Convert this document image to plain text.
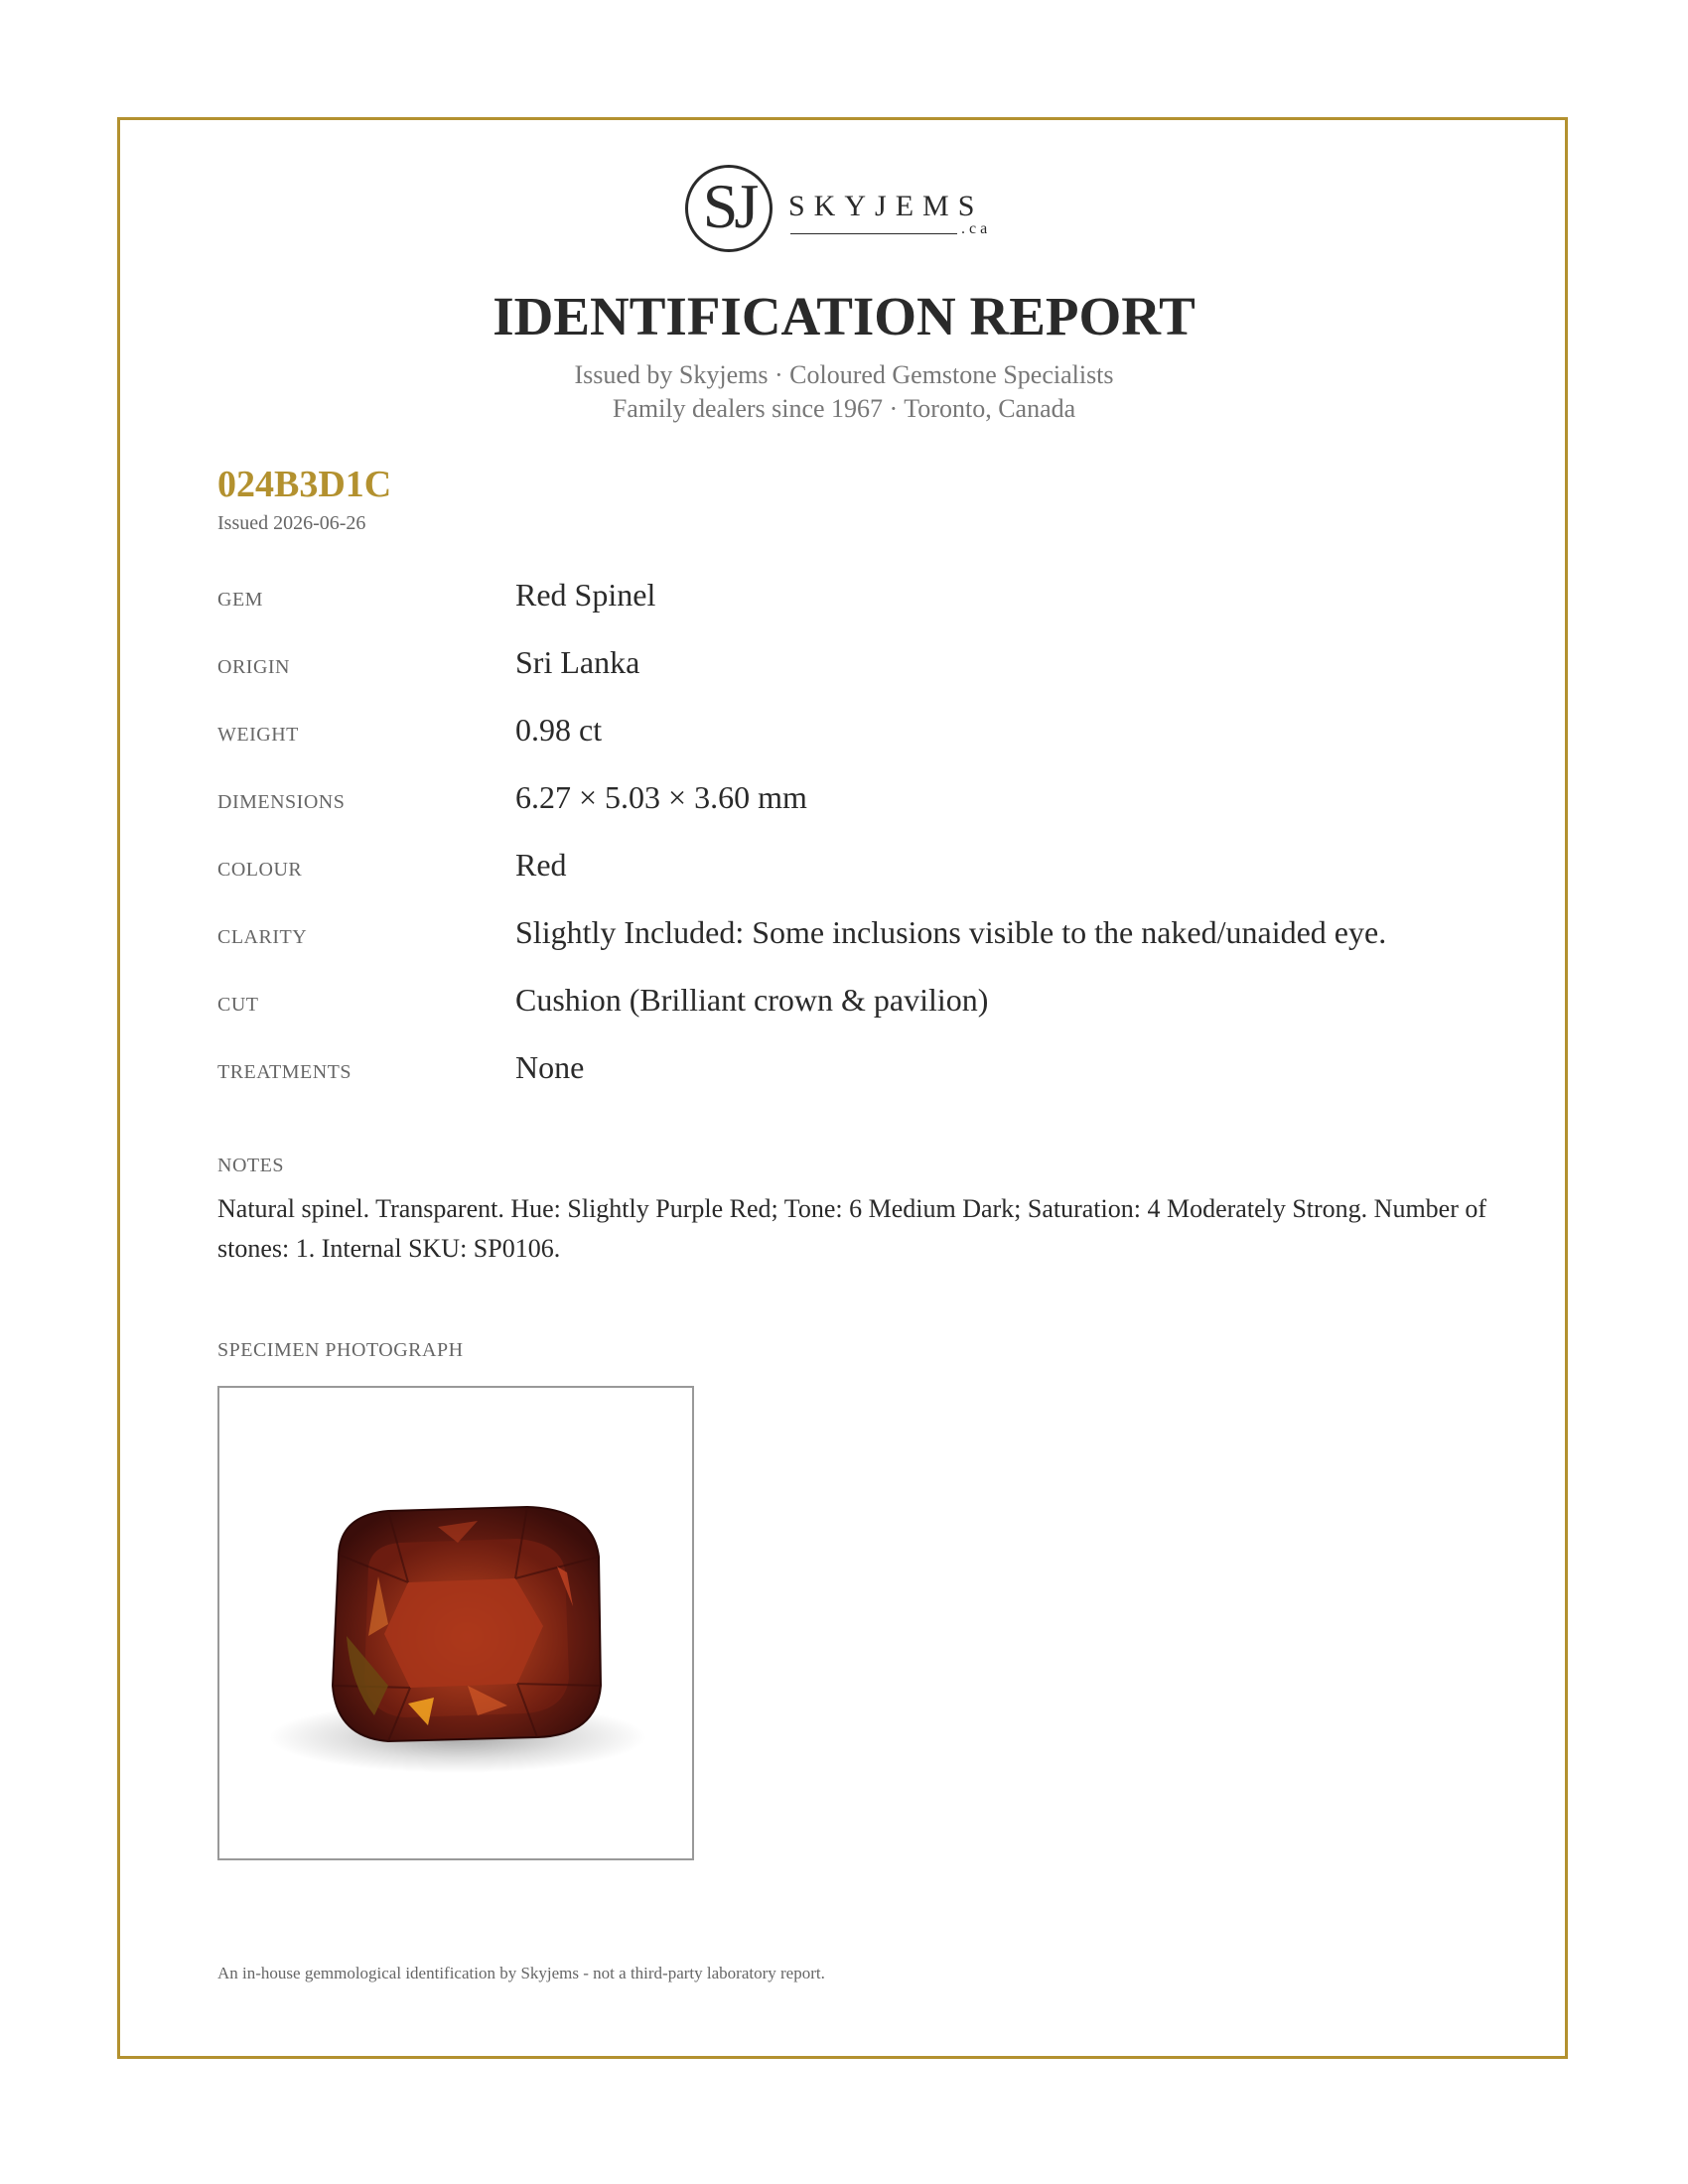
SJ	SKYJEMS
.ca
IDENTIFICATION REPORT
Issued by Skyjems · Coloured Gemstone Specialists
Family dealers since 1967 · Toronto, Canada
024B3D1C
Issued 2026-06-26
GEM	Red Spinel
ORIGIN	Sri Lanka
WEIGHT	0.98 ct
DIMENSIONS	6.27 × 5.03 × 3.60 mm
COLOUR	Red
CLARITY	Slightly Included: Some inclusions visible to the naked/unaided eye.
CUT	Cushion (Brilliant crown & pavilion)
TREATMENTS	None
NOTES
Natural spinel. Transparent. Hue: Slightly Purple Red; Tone: 6 Medium Dark; Saturation: 4 Moderately Strong. Number of stones: 1. Internal SKU: SP0106.
SPECIMEN PHOTOGRAPH
An in-house gemmological identification by Skyjems - not a third-party laboratory report.
